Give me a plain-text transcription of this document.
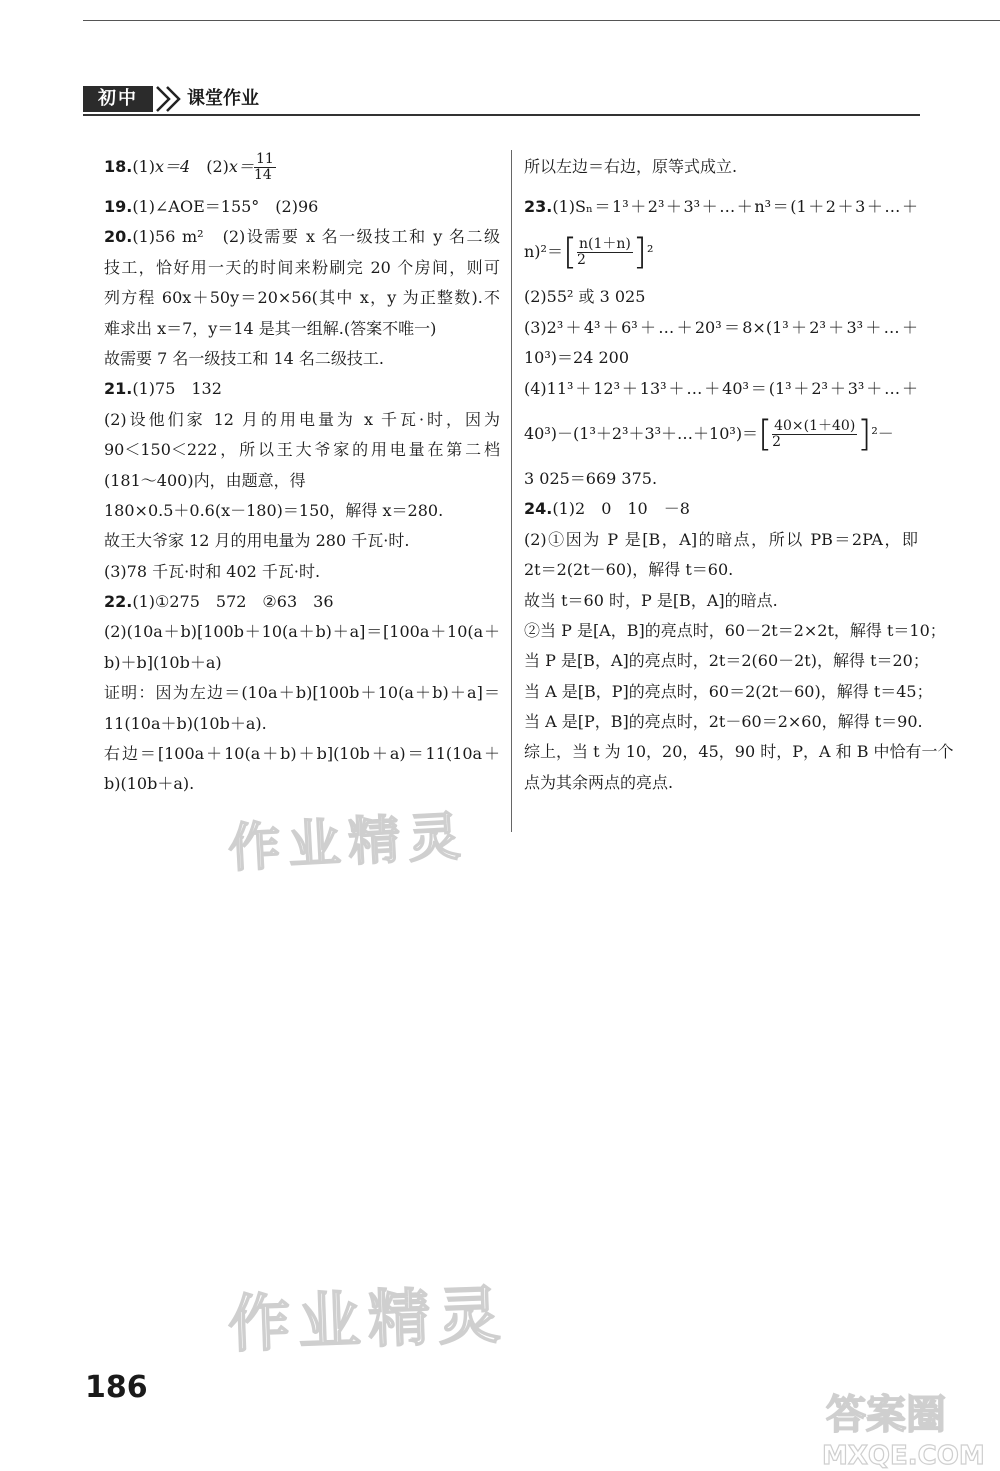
初中	课堂作业
18.(1)x＝4　 $(2)x= \frac{11}{14}$
19.(1)∠AOE＝155°　(2)96
20.(1)56 m²　(2)设需要 x 名一级技工和 y 名二级
技工，恰好用一天的时间来粉刷完 20 个房间，则可
列方程 60x＋50y＝20×56(其中 x，y 为正整数).不
难求出 x＝7，y＝14 是其一组解.(答案不唯一)
故需要 7 名一级技工和 14 名二级技工.
21.(1)75　132
(2)设他们家 12 月的用电量为 x 千瓦·时，因为
90＜150＜222，所以王大爷家的用电量在第二档
(181～400)内，由题意，得
180×0.5＋0.6(x－180)＝150，解得 x＝280.
故王大爷家 12 月的用电量为 280 千瓦·时.
(3)78 千瓦·时和 402 千瓦·时.
22.(1)①275　572　②63　36
(2)(10a＋b)[100b＋10(a＋b)＋a]＝[100a＋10(a＋
b)＋b](10b＋a)
证明：因为左边＝(10a＋b)[100b＋10(a＋b)＋a]＝
11(10a＋b)(10b＋a).
右边＝[100a＋10(a＋b)＋b](10b＋a)＝11(10a＋
b)(10b＋a).
所以左边＝右边，原等式成立.
23.(1)Sₙ＝1³＋2³＋3³＋…＋n³＝(1＋2＋3＋…＋
$n)^2=[ \frac{n(1+n)}{2} ]^2$
(2)55² 或 3 025
(3)2³＋4³＋6³＋…＋20³＝8×(1³＋2³＋3³＋…＋
10³)＝24 200
(4)11³＋12³＋13³＋…＋40³＝(1³＋2³＋3³＋…＋
40³)－(1³＋2³＋3³＋…＋10³)＝[ $\frac{40\times(1+40)}{2} ]^2-$
3 025＝669 375.
24.(1)2　0　10　－8
(2)①因为 P 是[B，A]的暗点，所以 PB＝2PA，即
2t＝2(2t－60)，解得 t＝60.
故当 t＝60 时，P 是[B，A]的暗点.
②当 P 是[A，B]的亮点时，60－2t＝2×2t，解得 t＝10；
当 P 是[B，A]的亮点时，2t＝2(60－2t)，解得 t＝20；
当 A 是[B，P]的亮点时，60＝2(2t－60)，解得 t＝45；
当 A 是[P，B]的亮点时，2t－60＝2×60，解得 t＝90.
综上，当 t 为 10，20，45，90 时，P，A 和 B 中恰有一个
点为其余两点的亮点.
作业精灵
作业精灵
186
答案圈
MXQE.COM
